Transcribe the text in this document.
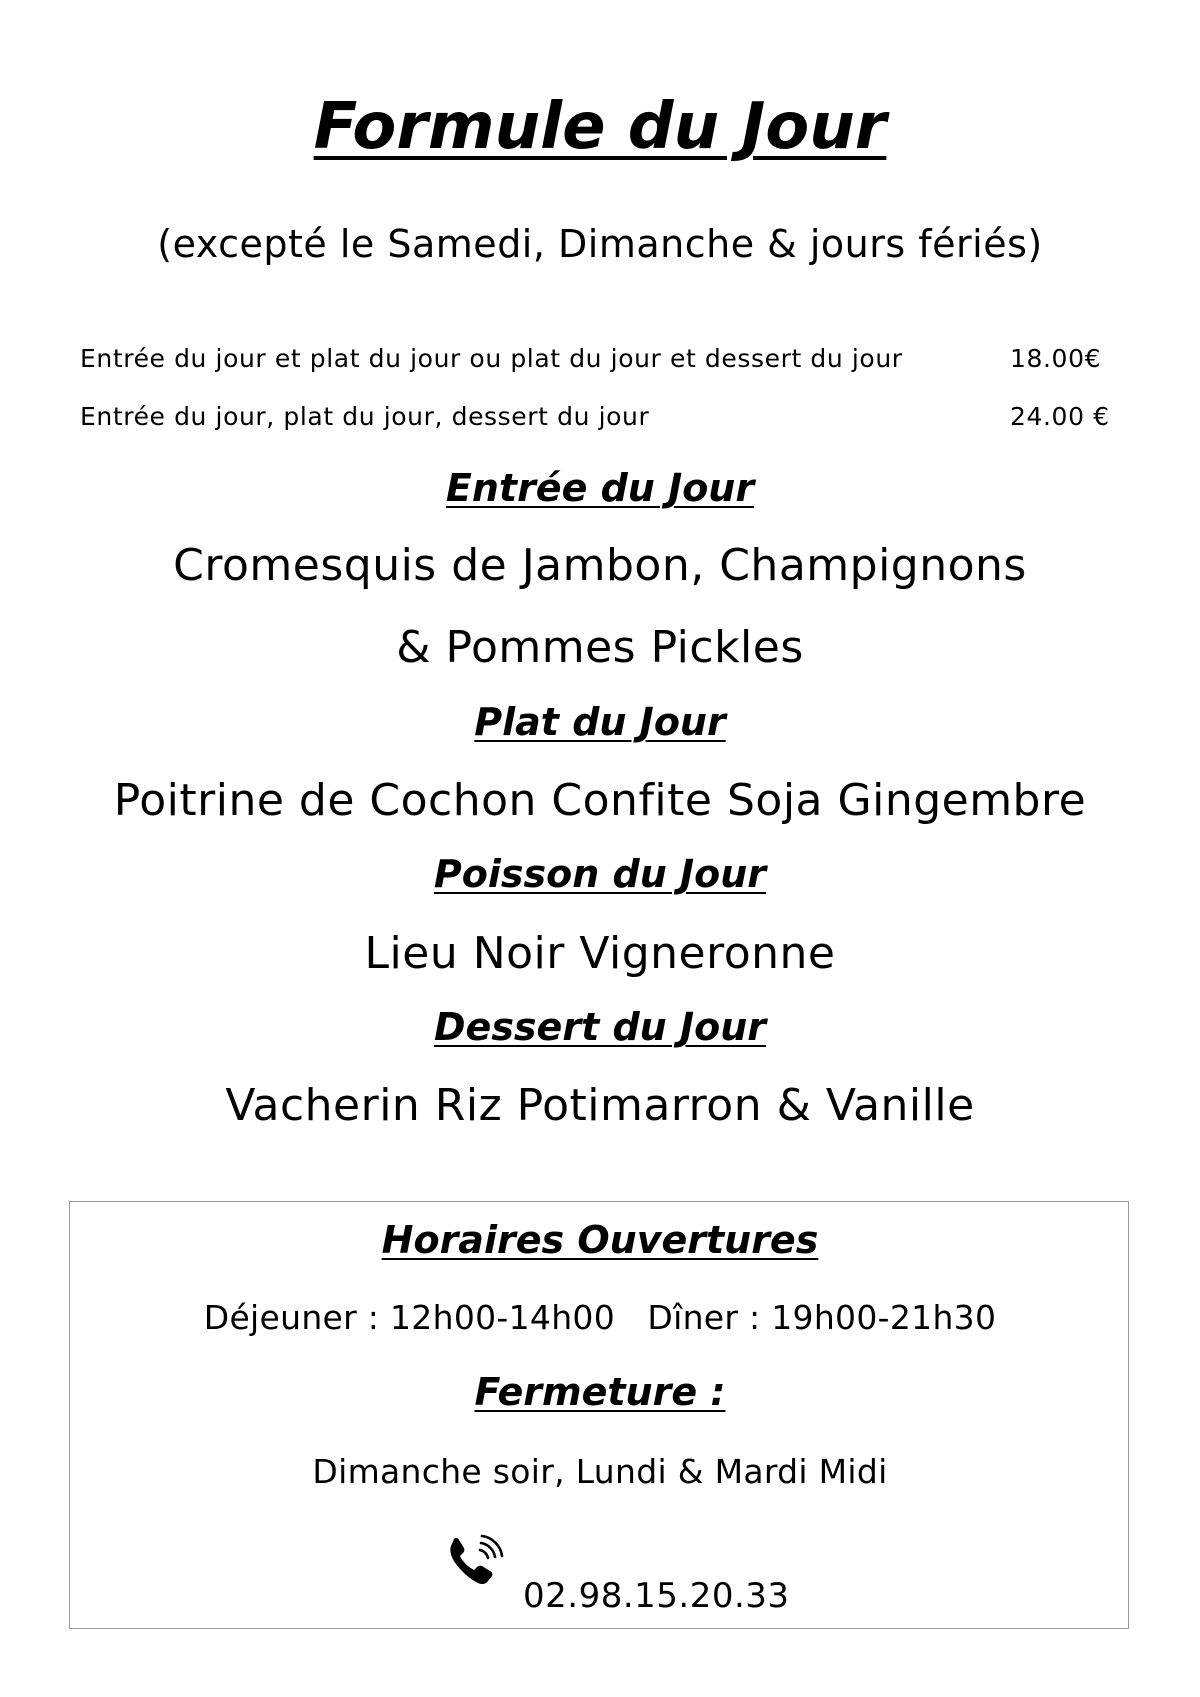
Formule du Jour
(excepté le Samedi, Dimanche & jours fériés)
Entrée du jour et plat du jour ou plat du jour et dessert du jour	18.00€
Entrée du jour, plat du jour, dessert du jour	24.00 €
Entrée du Jour
Cromesquis de Jambon, Champignons
& Pommes Pickles
Plat du Jour
Poitrine de Cochon Confite Soja Gingembre
Poisson du Jour
Lieu Noir Vigneronne
Dessert du Jour
Vacherin Riz Potimarron & Vanille
Horaires Ouvertures
Déjeuner : 12h00-14h00   Dîner : 19h00-21h30
Fermeture :
Dimanche soir, Lundi & Mardi Midi
02.98.15.20.33
